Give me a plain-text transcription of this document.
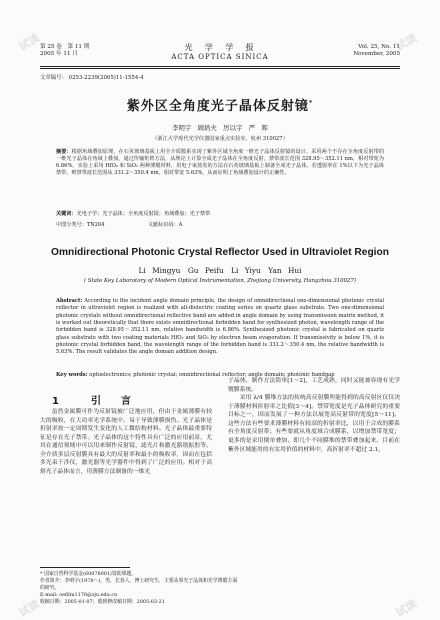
试读	试读
试读	试读
第 25 卷　第 11 期
2005 年 11 月
光　学　学　报
ACTA OPTICA SINICA
Vol. 25, No. 11
November, 2005
文章编号： 0253-2239(2005)11-1554-4
紫外区全角度光子晶体反射镜*
李明宇　顾培夫　厉以宇　严　晖
（浙江大学现代光学仪器国家重点实验室，杭州 310027）
摘要：根据角域叠加原理，在石英玻璃基板上用全介质膜系实现了紫外区域全角度一维光子晶体反射镜的设计。采用两个不存在全角度反射带的一维光子晶体在角域上叠加，通过传输矩阵方法，从理论上计算全成光子晶体在全角度反射，禁带波长范围 328.95～352.11 nm，相对带宽为 6.86%。实验上采用 HfO₂ 和 SiO₂ 两种薄膜材料，用电子束蒸发的方法在石英玻璃基板上制备全成光子晶体。若透射率在 1%以下为光子晶体禁带，则禁带波长范围从 331.2～350.4 nm，相对带宽 5.63%。从而证明了角域叠加设计的正确性。
关键词：光电子学；光子晶体；全角度反射镜；角域叠加；光子禁带
中图分类号：TN204	文献标识码：A
Omnidirectional Photonic Crystal Reflector Used in Ultraviolet Region
Li Mingyu　Gu Peifu　Li Yiyu　Yan Hui
( State Key Laboratory of Modern Optical Instrumentation, Zhejiang University, Hangzhou 310027)
Abstract: According to the incident angle domain principle, the design of omnidirectional one-dimensional photonic crystal reflector in ultraviolet region is realized with all-dielectric coating series on quartz glass substrate. Two one-dimensional photonic crystals without omnidirectional reflective band are added in angle domain by using transmission matrix method, it is worked out theoretically that there exists omnidirectional forbidden band for synthesized photon, wavelength range of the forbidden band is 328.95～352.11 nm, relative bandwidth is 6.86%. Synthesized photonic crystal is fabricated on quartz glass substrate with two coating materials HfO₂ and SiO₂ by electron beam evaporation. If transmissivity is below 1%, it is photonic crystal forbidden band, the wavelength range of the forbidden band is 331.2～350.4 nm, the relative bandwidth is 5.63%. The result validates the angle domain addition design.
Key words: optoelectronics; photonic crystal; omnidirectional reflector; angle domain; photonic bandgap
1	引　言

虽然金属膜可作为反射镜被广泛地应用，但由于金属薄膜有较大的吸收，在大功率光学系统中，易于导致薄膜损伤。光子晶体是折射率按一定周期发生变化的人工微结构材料。光子晶体最重要特征是存在光子禁带。光子晶体的这个特性具有广泛的应用前景，尤其在通信领域中可以用来制作反射镜、滤光片和激光器谐振腔等。全介质多层反射膜具有最大的反射率和最小的吸收率，因而在包括多光束干涉仪，激光器等光学器件中得到了广泛的应用。相对于高熔光子晶体而言，用薄膜方法制备的一维光

子晶体，制作方法简单[1～2]，工艺成熟，同时又能兼容现有光学镀膜系统。

采用 λ/4 膜堆方法的传统高反射膜所能得到的高反射区仅仅决于薄膜材料折射率之比值[3～4]。禁带宽度是光子晶体研究的重要目标之一，因而发展了一种方法以展宽高反射带的宽度[5～11]。这些方法有些要求薄膜材料有较高的折射率比，以用于合成的膜系有全角度反射带；有些要就从角度域合成膜系，以增加禁带宽度；更多的是采用倒单叠加，即几个不同膜堆的禁带叠加起来。目前在紫外区域能用的有实用价值的材料中，高折射率不超过 2.1，

* 国家自然科学基金(60078001)资助课题。
作者简介：李明宇(1978～)，男，长春人，博士研究生，主要从事光子晶体和光学薄膜方面的研究。
E-mail: oefilm1176@zju.edu.cn
收稿日期：2005-01-07；收到修改稿日期：2005-03-21
